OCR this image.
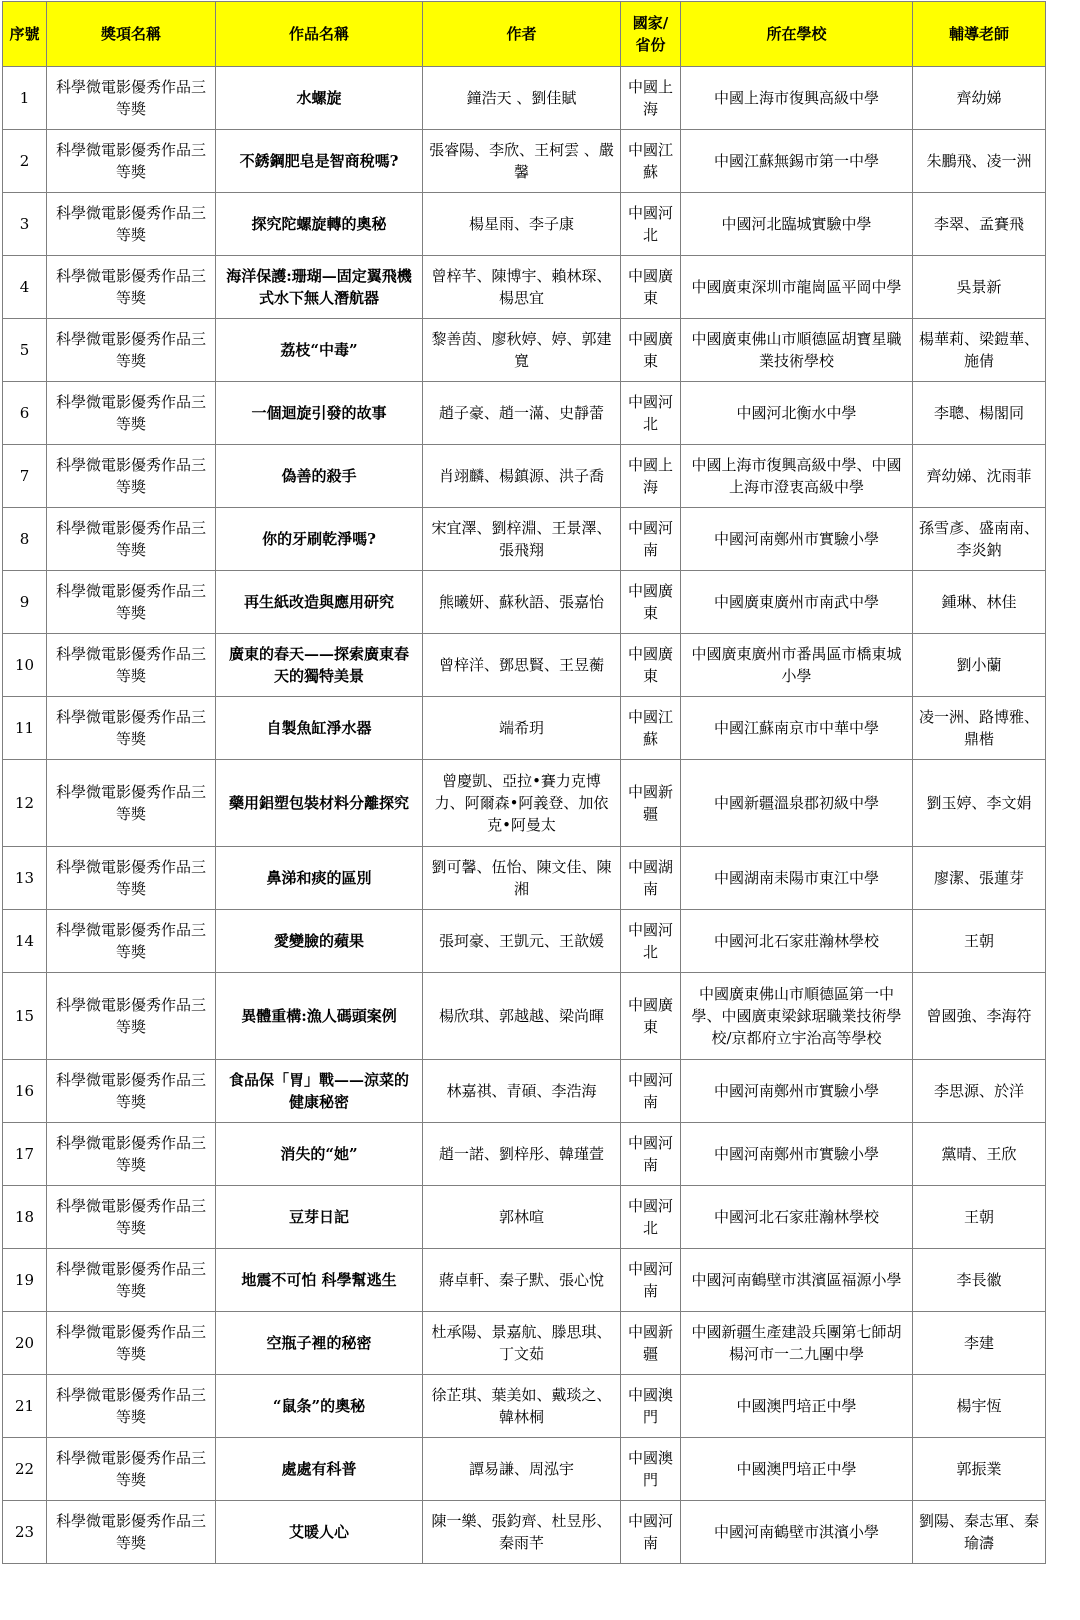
序號	獎項名稱	作品名稱	作者	國家/省份	所在學校	輔導老師
1	科學微電影優秀作品三等獎	水螺旋	鐘浩天 、劉佳賦	中國上海	中國上海市復興高級中學	齊幼娣
2	科學微電影優秀作品三等獎	不銹鋼肥皂是智商稅嗎?	張睿陽、李欣、王柯雲 、嚴馨	中國江蘇	中國江蘇無錫市第一中學	朱鵬飛、凌一洲
3	科學微電影優秀作品三等獎	探究陀螺旋轉的奧秘	楊星雨、李子康	中國河北	中國河北臨城實驗中學	李翠、孟賽飛
4	科學微電影優秀作品三等獎	海洋保護:珊瑚—固定翼飛機式水下無人潛航器	曾梓芊、陳博宇、賴林琛、楊思宜	中國廣東	中國廣東深圳市龍崗區平岡中學	吳景新
5	科學微電影優秀作品三等獎	荔枝“中毒”	黎善茵、廖秋婷、婷、郭建寬	中國廣東	中國廣東佛山市順德區胡寶星職業技術學校	楊華莉、梁鎧華、施倩
6	科學微電影優秀作品三等獎	一個迴旋引發的故事	趙子豪、趙一滿、史靜蕾	中國河北	中國河北衡水中學	李聰、楊閣同
7	科學微電影優秀作品三等獎	偽善的殺手	肖翊麟、楊鎮源、洪子喬	中國上海	中國上海市復興高級中學、中國上海市澄衷高級中學	齊幼娣、沈雨菲
8	科學微電影優秀作品三等獎	你的牙刷乾淨嗎?	宋宜澤、劉梓淵、王景澤、張飛翔	中國河南	中國河南鄭州市實驗小學	孫雪彥、盛南南、李炎鈉
9	科學微電影優秀作品三等獎	再生紙改造與應用研究	熊曦妍、蘇秋語、張嘉怡	中國廣東	中國廣東廣州市南武中學	鍾琳、林佳
10	科學微電影優秀作品三等獎	廣東的春天——探索廣東春天的獨特美景	曾梓洋、鄧思賢、王昱蘅	中國廣東	中國廣東廣州市番禺區市橋東城小學	劉小蘭
11	科學微電影優秀作品三等獎	自製魚缸淨水器	端希玥	中國江蘇	中國江蘇南京市中華中學	凌一洲、路博雅、鼎楷
12	科學微電影優秀作品三等獎	藥用鋁塑包裝材料分離探究	曾慶凱、亞拉•賽力克博力、阿爾森•阿義登、加依克•阿曼太	中國新疆	中國新疆溫泉郡初級中學	劉玉婷、李文娟
13	科學微電影優秀作品三等獎	鼻涕和痰的區別	劉可馨、伍怡、陳文佳、陳湘	中國湖南	中國湖南耒陽市東江中學	廖潔、張蓮芽
14	科學微電影優秀作品三等獎	愛變臉的蘋果	張珂豪、王凱元、王歆媛	中國河北	中國河北石家莊瀚林學校	王朝
15	科學微電影優秀作品三等獎	異體重構:漁人碼頭案例	楊欣琪、郭越越、梁尚暉	中國廣東	中國廣東佛山市順德區第一中學、中國廣東梁銶琚職業技術學校/京都府立宇治高等學校	曾國強、李海符
16	科學微電影優秀作品三等獎	食品保「胃」戰——涼菜的健康秘密	林嘉祺、青碩、李浩海	中國河南	中國河南鄭州市實驗小學	李思源、於洋
17	科學微電影優秀作品三等獎	消失的“她”	趙一諾、劉梓彤、韓瑾萱	中國河南	中國河南鄭州市實驗小學	黨晴、王欣
18	科學微電影優秀作品三等獎	豆芽日記	郭林喧	中國河北	中國河北石家莊瀚林學校	王朝
19	科學微電影優秀作品三等獎	地震不可怕 科學幫逃生	蔣卓軒、秦子默、張心悅	中國河南	中國河南鶴壁市淇濱區福源小學	李長徽
20	科學微電影優秀作品三等獎	空瓶子裡的秘密	杜承陽、景嘉航、滕思琪、丁文茹	中國新疆	中國新疆生產建設兵團第七師胡楊河市一二九團中學	李建
21	科學微電影優秀作品三等獎	“鼠条”的奧秘	徐芷琪、葉美如、戴琰之、韓林桐	中國澳門	中國澳門培正中學	楊宇恆
22	科學微電影優秀作品三等獎	處處有科普	譚易謙、周泓宇	中國澳門	中國澳門培正中學	郭振業
23	科學微電影優秀作品三等獎	艾暖人心	陳一樂、張鈞齊、杜昱彤、秦雨芊	中國河南	中國河南鶴壁市淇濱小學	劉陽、秦志軍、秦瑜濤
